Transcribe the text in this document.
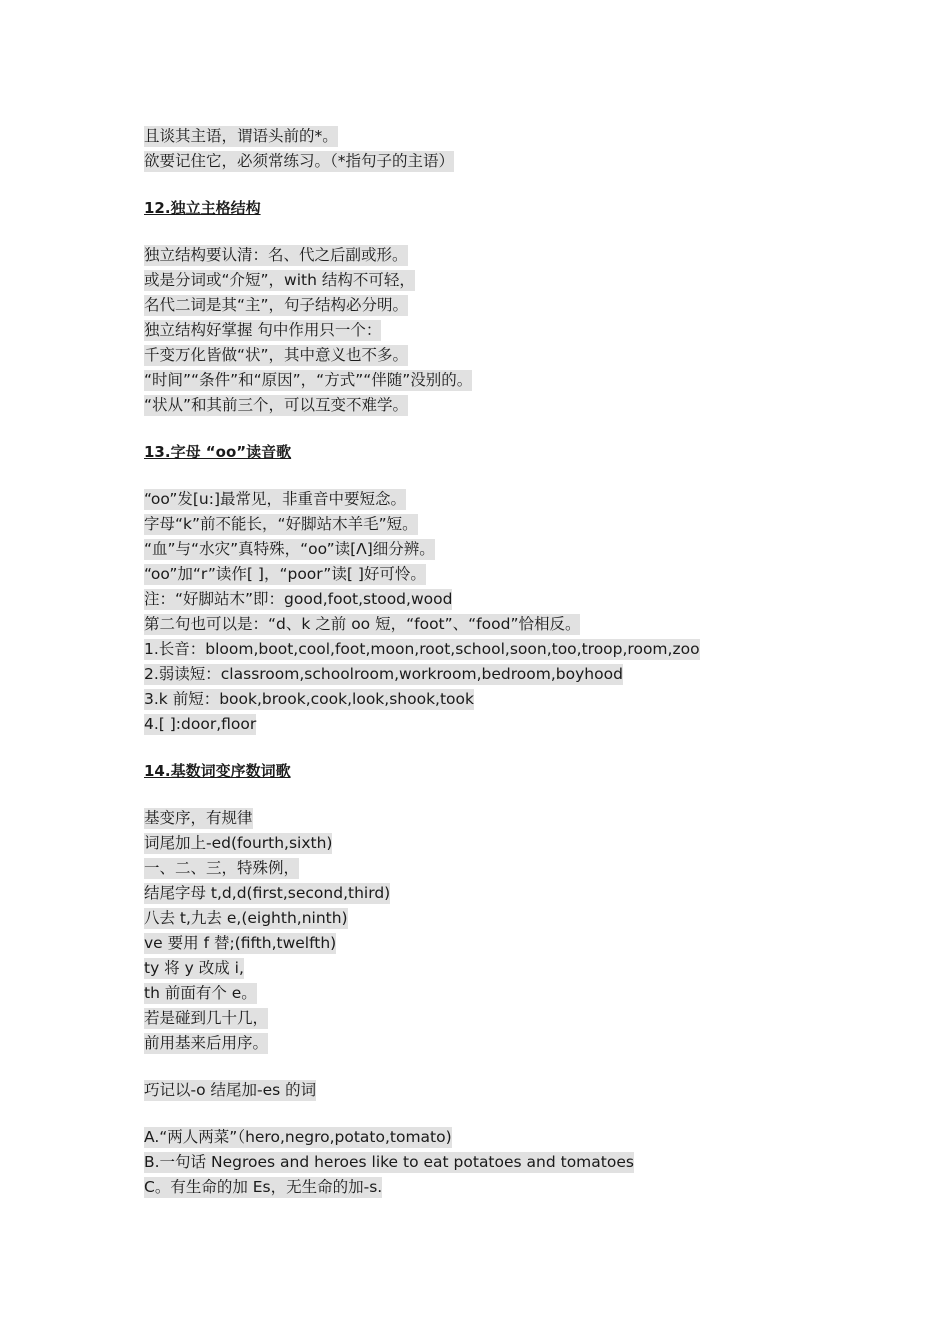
且谈其主语，谓语头前的*。
欲要记住它，必须常练习。（*指句子的主语）
12.独立主格结构
独立结构要认清：名、代之后副或形。
或是分词或“介短”，with 结构不可轻，
名代二词是其“主”，句子结构必分明。
独立结构好掌握 句中作用只一个：
千变万化皆做“状”，其中意义也不多。
“时间”“条件”和“原因”，“方式”“伴随”没别的。
“状从”和其前三个，可以互变不难学。
13.字母 “oo”读音歌
“oo”发[u:]最常见，非重音中要短念。
字母“k”前不能长，“好脚站木羊毛”短。
“血”与“水灾”真特殊，“oo”读[Λ]细分辨。
“oo”加“r”读作[ ]，“poor”读[ ]好可怜。
注：“好脚站木”即：good,foot,stood,wood
第二句也可以是：“d、k 之前 oo 短，“foot”、“food”恰相反。
1.长音：bloom,boot,cool,foot,moon,root,school,soon,too,troop,room,zoo
2.弱读短：classroom,schoolroom,workroom,bedroom,boyhood
3.k 前短：book,brook,cook,look,shook,took
4.[ ]:door,floor
14.基数词变序数词歌
基变序，有规律
词尾加上-ed(fourth,sixth)
一、二、三，特殊例，
结尾字母 t,d,d(first,second,third)
八去 t,九去 e,(eighth,ninth)
ve 要用 f 替;(fifth,twelfth)
ty 将 y 改成 i,
th 前面有个 e。
若是碰到几十几，
前用基来后用序。
巧记以-o 结尾加-es 的词
A.“两人两菜”（hero,negro,potato,tomato)
B.一句话 Negroes and heroes like to eat potatoes and tomatoes
C。有生命的加 Es，无生命的加-s.
